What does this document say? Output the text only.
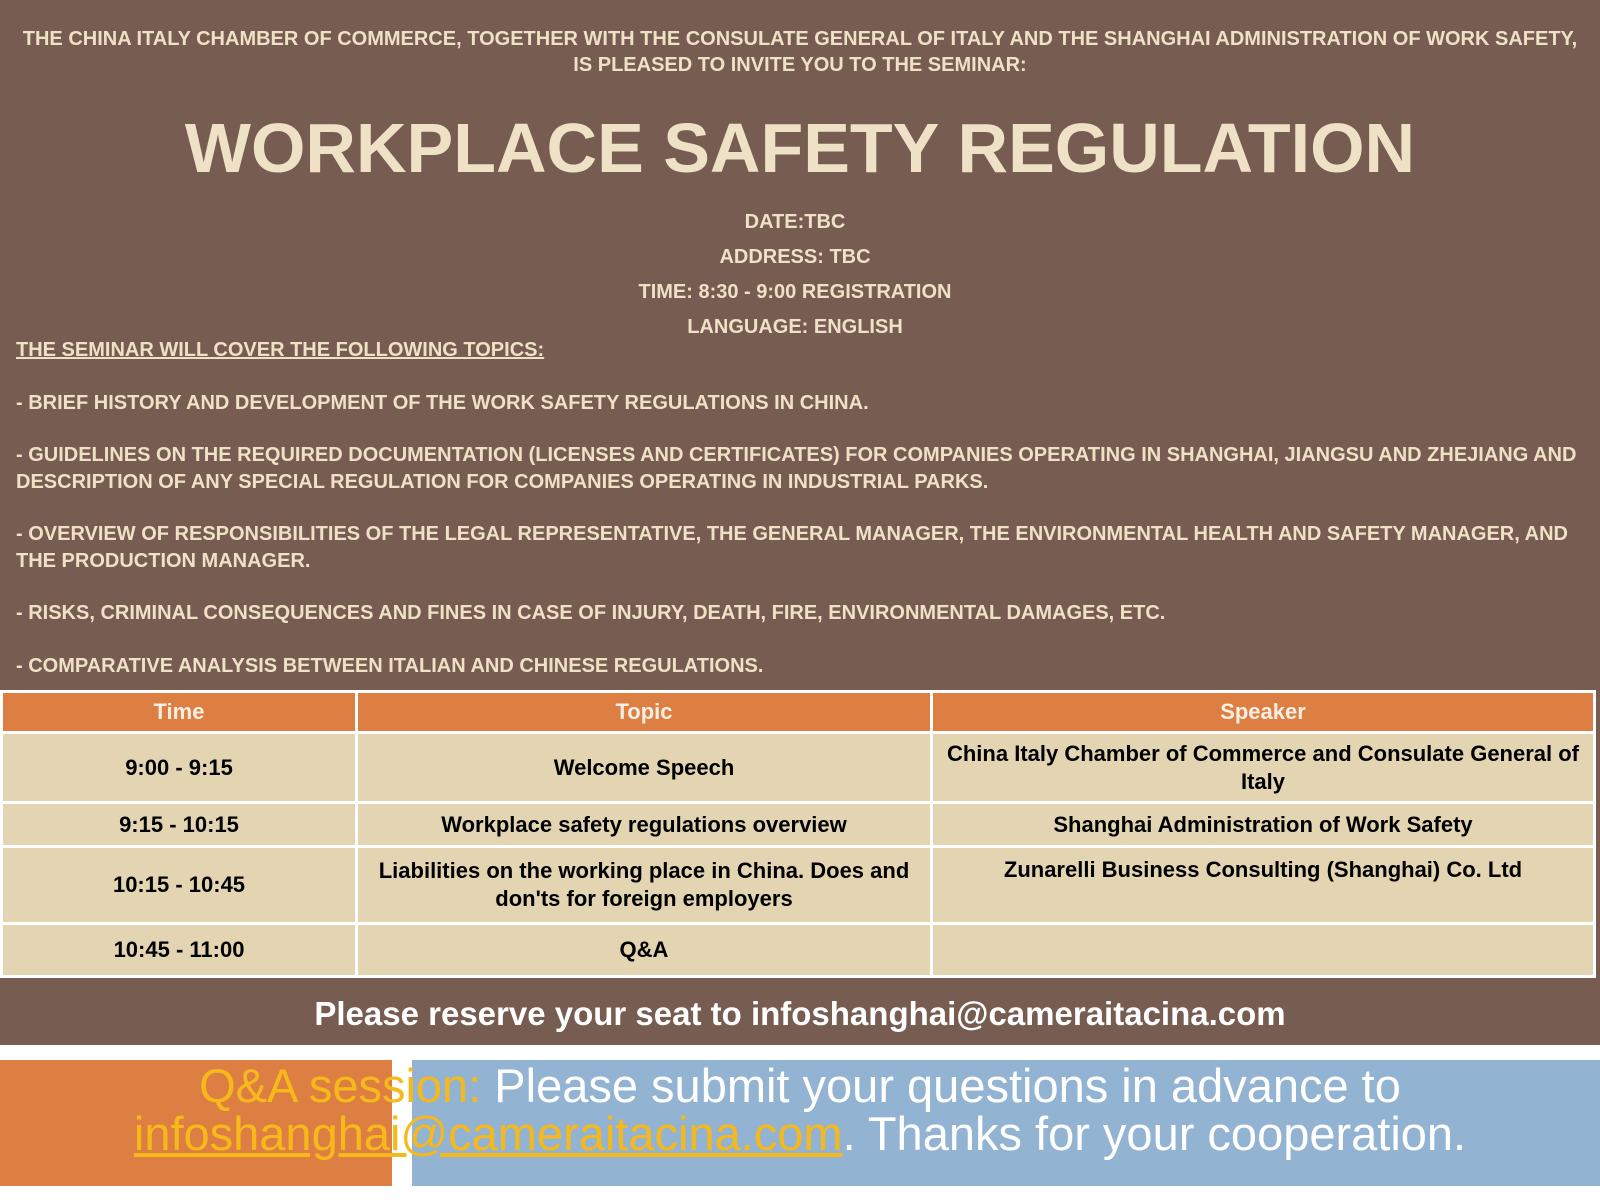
THE CHINA ITALY CHAMBER OF COMMERCE, TOGETHER WITH THE CONSULATE GENERAL OF ITALY AND THE SHANGHAI ADMINISTRATION OF WORK SAFETY, IS PLEASED TO INVITE YOU TO THE SEMINAR:
WORKPLACE SAFETY REGULATION
DATE:TBC
ADDRESS: TBC
TIME: 8:30 - 9:00 REGISTRATION
LANGUAGE: ENGLISH
THE SEMINAR WILL COVER THE FOLLOWING TOPICS:
- BRIEF HISTORY AND DEVELOPMENT OF THE WORK SAFETY REGULATIONS IN CHINA.
- GUIDELINES ON THE REQUIRED DOCUMENTATION (LICENSES AND CERTIFICATES) FOR COMPANIES OPERATING IN SHANGHAI, JIANGSU AND ZHEJIANG AND DESCRIPTION OF ANY SPECIAL REGULATION FOR COMPANIES OPERATING IN INDUSTRIAL PARKS.
- OVERVIEW OF RESPONSIBILITIES OF THE LEGAL REPRESENTATIVE, THE GENERAL MANAGER, THE ENVIRONMENTAL HEALTH AND SAFETY MANAGER, AND THE PRODUCTION MANAGER.
- RISKS, CRIMINAL CONSEQUENCES AND FINES IN CASE OF INJURY, DEATH, FIRE, ENVIRONMENTAL DAMAGES, ETC.
- COMPARATIVE ANALYSIS BETWEEN ITALIAN AND CHINESE REGULATIONS.
Time	Topic	Speaker
9:00 - 9:15	Welcome Speech	China Italy Chamber of Commerce and Consulate General of Italy
9:15 - 10:15	Workplace safety regulations overview	Shanghai Administration of Work Safety
10:15 - 10:45	Liabilities on the working place in China. Does and don'ts for foreign employers	Zunarelli Business Consulting (Shanghai) Co. Ltd
10:45 - 11:00	Q&A	
Please reserve your seat to infoshanghai@cameraitacina.com
Q&A session: Please submit your questions in advance to infoshanghai@cameraitacina.com. Thanks for your cooperation.
